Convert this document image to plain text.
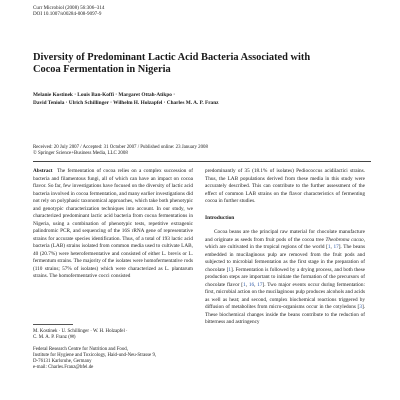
Curr Microbiol (2008) 56:306–314
DOI 10.1007/s00284-008-9097-9
Diversity of Predominant Lactic Acid Bacteria Associated with
Cocoa Fermentation in Nigeria
Melanie Kostinek · Louis Ban-Koffi · Margaret Ottah-Atikpo ·
David Teniola · Ulrich Schillinger · Wilhelm H. Holzapfel · Charles M. A. P. Franz
Received: 20 July 2007 / Accepted: 31 October 2007 / Published online: 23 January 2008
© Springer Science+Business Media, LLC 2008

Abstract The fermentation of cocoa relies on a complex succession of bacteria and filamentous fungi, all of which can have an impact on cocoa flavor. So far, few investigations have focused on the diversity of lactic acid bacteria involved in cocoa fermentation, and many earlier investigations did not rely on polyphasic taxonomical approaches, which take both phenotypic and genotypic characterization techniques into account. In our study, we characterized predominant lactic acid bacteria from cocoa fermentations in Nigeria, using a combination of phenotypic tests, repetitive extragenic palindromic PCR, and sequencing of the 16S rRNA gene of representative strains for accurate species identification. Thus, of a total of 193 lactic acid bacteria (LAB) strains isolated from common media used to cultivate LAB, 40 (20.7%) were heterofermentative and consisted of either L. brevis or L. fermentum strains. The majority of the isolates were homofermentative rods (110 strains; 57% of isolates) which were characterized as L. plantarum strains. The homofermentative cocci consisted

predominantly of 35 (18.1% of isolates) Pediococcus acidilactici strains. Thus, the LAB populations derived from these media in this study were accurately described. This can contribute to the further assessment of the effect of common LAB strains on the flavor characteristics of fermenting cocoa in further studies.

Introduction

Cocoa beans are the principal raw material for chocolate manufacture and originate as seeds from fruit pods of the cocoa tree Theobroma cacao, which are cultivated in the tropical regions of the world [1, 17]. The beans embedded in mucilaginous pulp are removed from the fruit pods and subjected to microbial fermentation as the first stage in the preparation of chocolate [1]. Fermentation is followed by a drying process, and both these production steps are important to initiate the formation of the precursors of chocolate flavor [1, 16, 17]. Two major events occur during fermentation: first, microbial action on the mucilaginous pulp produces alcohols and acids as well as heat; and second, complex biochemical reactions triggered by diffusion of metabolites from micro-organisms occur in the cotyledons [3]. These biochemical changes inside the beans contribute to the reduction of bitterness and astringency

M. Kostinek · U. Schillinger · W. H. Holzapfel ·
C. M. A. P. Franz (✉)
Federal Research Centre for Nutrition and Food,
Institute for Hygiene and Toxicology, Haid-und-Neu-Strasse 9,
D-76131 Karlsruhe, Germany
e-mail: Charles.Franz@bfel.de
